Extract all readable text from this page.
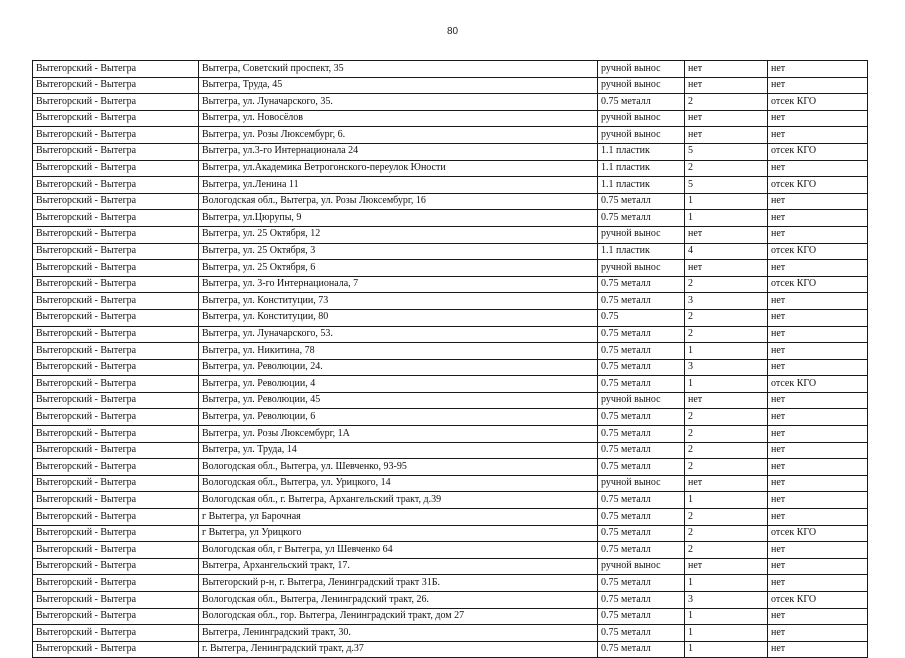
80
Вытегорский - Вытегра	Вытегра, Советский проспект, 35	ручной вынос	нет	нет
Вытегорский - Вытегра	Вытегра, Труда, 45	ручной вынос	нет	нет
Вытегорский - Вытегра	Вытегра, ул. Луначарского, 35.	0.75 металл	2	отсек КГО
Вытегорский - Вытегра	Вытегра, ул. Новосёлов	ручной вынос	нет	нет
Вытегорский - Вытегра	Вытегра, ул. Розы Люксембург, 6.	ручной вынос	нет	нет
Вытегорский - Вытегра	Вытегра, ул.3-го Интернационала 24	1.1 пластик	5	отсек КГО
Вытегорский - Вытегра	Вытегра, ул.Академика Ветрогонского-переулок Юности	1.1 пластик	2	нет
Вытегорский - Вытегра	Вытегра, ул.Ленина 11	1.1 пластик	5	отсек КГО
Вытегорский - Вытегра	Вологодская обл., Вытегра, ул. Розы Люксембург, 16	0.75 металл	1	нет
Вытегорский - Вытегра	Вытегра, ул.Цюрупы, 9	0.75 металл	1	нет
Вытегорский - Вытегра	Вытегра, ул. 25 Октября, 12	ручной вынос	нет	нет
Вытегорский - Вытегра	Вытегра, ул. 25 Октября, 3	1.1 пластик	4	отсек КГО
Вытегорский - Вытегра	Вытегра, ул. 25 Октября, 6	ручной вынос	нет	нет
Вытегорский - Вытегра	Вытегра, ул. 3-го Интернационала, 7	0.75 металл	2	отсек КГО
Вытегорский - Вытегра	Вытегра, ул. Конституции, 73	0.75 металл	3	нет
Вытегорский - Вытегра	Вытегра, ул. Конституции, 80	0.75	2	нет
Вытегорский - Вытегра	Вытегра, ул. Луначарского, 53.	0.75 металл	2	нет
Вытегорский - Вытегра	Вытегра, ул. Никитина, 78	0.75 металл	1	нет
Вытегорский - Вытегра	Вытегра, ул. Революции, 24.	0.75 металл	3	нет
Вытегорский - Вытегра	Вытегра, ул. Революции, 4	0.75 металл	1	отсек КГО
Вытегорский - Вытегра	Вытегра, ул. Революции, 45	ручной вынос	нет	нет
Вытегорский - Вытегра	Вытегра, ул. Революции, 6	0.75 металл	2	нет
Вытегорский - Вытегра	Вытегра, ул. Розы Люксембург, 1А	0.75 металл	2	нет
Вытегорский - Вытегра	Вытегра, ул. Труда, 14	0.75 металл	2	нет
Вытегорский - Вытегра	Вологодская обл., Вытегра, ул. Шевченко, 93-95	0.75 металл	2	нет
Вытегорский - Вытегра	Вологодская обл., Вытегра, ул. Урицкого, 14	ручной вынос	нет	нет
Вытегорский - Вытегра	Вологодская обл., г. Вытегра, Архангельский тракт, д.39	0.75 металл	1	нет
Вытегорский - Вытегра	г Вытегра, ул Барочная	0.75 металл	2	нет
Вытегорский - Вытегра	г Вытегра, ул Урицкого	0.75 металл	2	отсек КГО
Вытегорский - Вытегра	Вологодская обл, г Вытегра, ул Шевченко 64	0.75 металл	2	нет
Вытегорский - Вытегра	Вытегра, Архангельский тракт, 17.	ручной вынос	нет	нет
Вытегорский - Вытегра	Вытегорский р-н, г. Вытегра, Ленинградский тракт 31Б.	0.75 металл	1	нет
Вытегорский - Вытегра	Вологодская обл., Вытегра, Ленинградский тракт, 26.	0.75 металл	3	отсек КГО
Вытегорский - Вытегра	Вологодская обл., гор. Вытегра, Ленинградский тракт, дом 27	0.75 металл	1	нет
Вытегорский - Вытегра	Вытегра, Ленинградский тракт, 30.	0.75 металл	1	нет
Вытегорский - Вытегра	г. Вытегра, Ленинградский тракт, д.37	0.75 металл	1	нет
